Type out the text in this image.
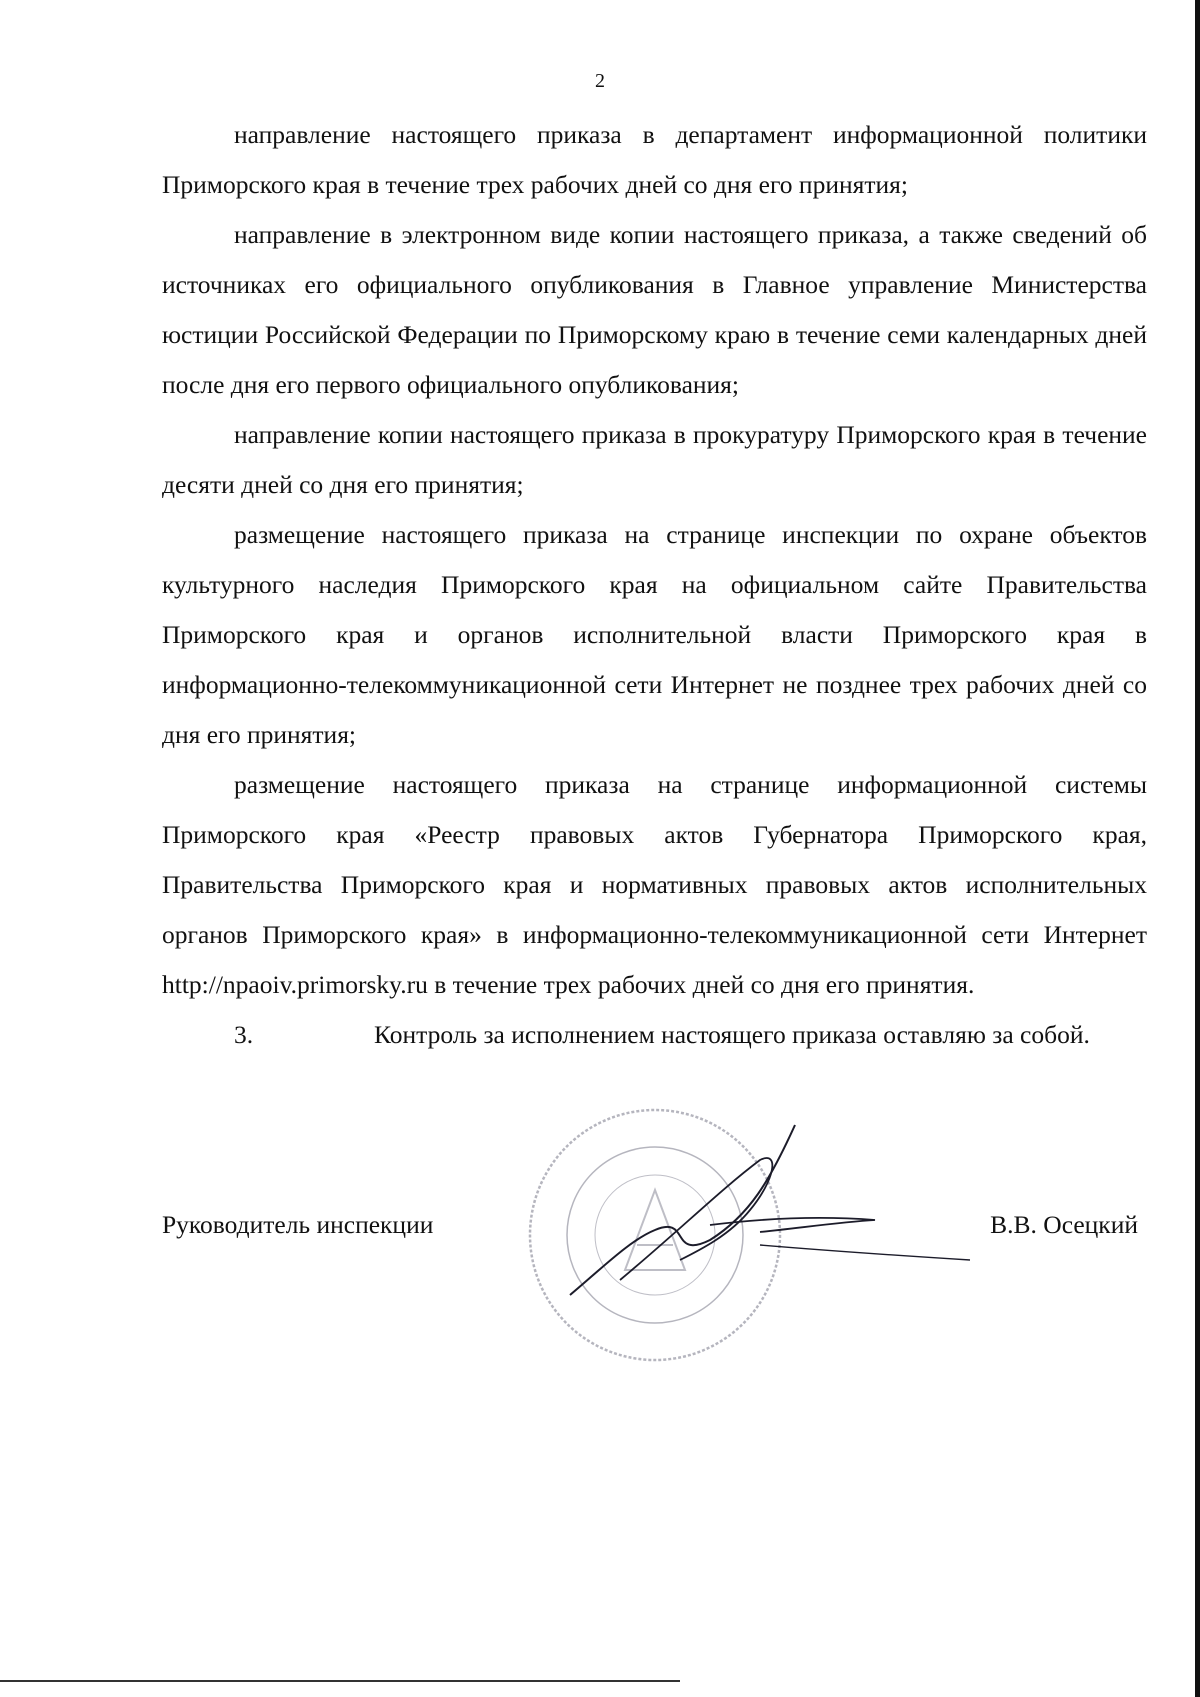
2

направление настоящего приказа в департамент информационной политики Приморского края в течение трех рабочих дней со дня его принятия;

направление в электронном виде копии настоящего приказа, а также сведений об источниках его официального опубликования в Главное управление Министерства юстиции Российской Федерации по Приморскому краю в течение семи календарных дней после дня его первого официального опубликования;

направление копии настоящего приказа в прокуратуру Приморского края в течение десяти дней со дня его принятия;

размещение настоящего приказа на странице инспекции по охране объектов культурного наследия Приморского края на официальном сайте Правительства Приморского края и органов исполнительной власти Приморского края в информационно-телекоммуникационной сети Интернет не позднее трех рабочих дней со дня его принятия;

размещение настоящего приказа на странице информационной системы Приморского края «Реестр правовых актов Губернатора Приморского края, Правительства Приморского края и нормативных правовых актов исполнительных органов Приморского края» в информационно-телекоммуникационной сети Интернет http://npaoiv.primorsky.ru в течение трех рабочих дней со дня его принятия.

3.	Контроль за исполнением настоящего приказа оставляю за собой.

Руководитель инспекции	В.В. Осецкий
